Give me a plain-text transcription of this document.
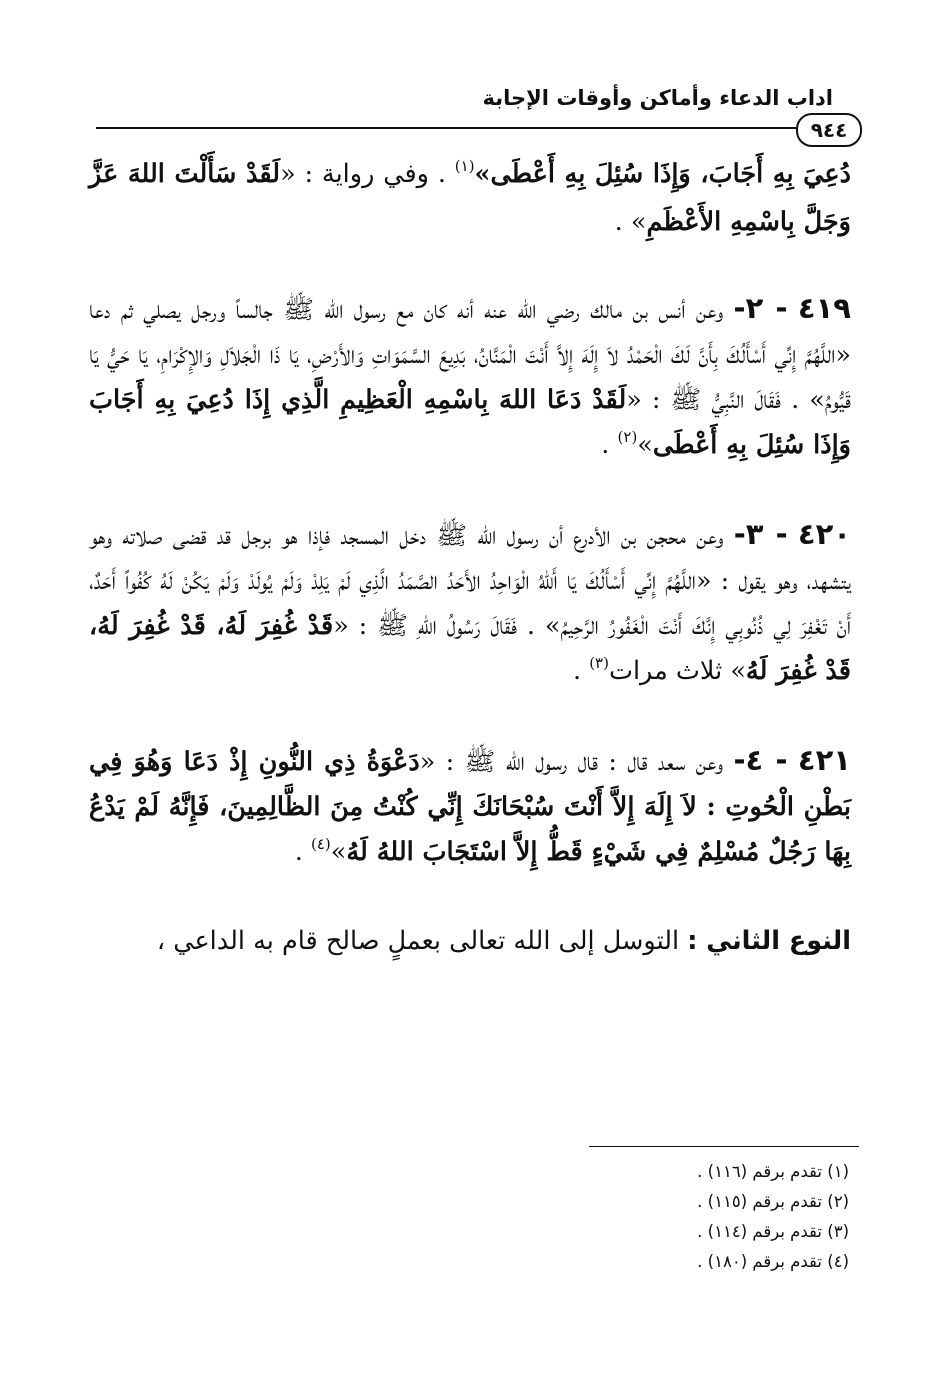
اداب الدعاء وأماكن وأوقات الإجابة
٩٤٤

دُعِيَ بِهِ أَجَابَ، وَإِذَا سُئِلَ بِهِ أَعْطَى»$^{(١)}$ . وفي رواية : «لَقَدْ سَأَلْتَ اللهَ عَزَّ وَجَلَّ بِاسْمِهِ الأَعْظَمِ» .

٤١٩ - ٢- وعن أنس بن مالك رضي الله عنه أنه كان مع رسول الله ﷺ جالساً ورجل يصلي ثم دعا «اللَّهُمَّ إِنِّي أَسْأَلُكَ بِأَنَّ لَكَ الْحَمْدُ لاَ إِلَهَ إِلاَّ أَنْتَ الْمَنَّانُ، بَدِيعَ السَّمَوَاتِ وَالأَرْضِ، يَا ذَا الْجَلاَلِ وَالإِكْرَامِ، يَا حَيُّ يَا قَيُّومُ» . فَقَالَ النَّبِيُّ ﷺ : «لَقَدْ دَعَا اللهَ بِاسْمِهِ الْعَظِيمِ الَّذِي إِذَا دُعِيَ بِهِ أَجَابَ وَإِذَا سُئِلَ بِهِ أَعْطَى»$^{(٢)}$ .

٤٢٠ - ٣- وعن محجن بن الأدرع أن رسول الله ﷺ دخل المسجد فإذا هو برجل قد قضى صلاته وهو يتشهد، وهو يقول : «اللَّهُمَّ إِنِّي أَسْأَلُكَ يَا أَللهُ الْوَاحِدُ الأَحَدُ الصَّمَدُ الَّذِي لَمْ يَلِدْ وَلَمْ يُولَدْ وَلَمْ يَكُنْ لَهُ كُفُواً أَحَدٌ، أَنْ تَغْفِرَ لِي ذُنُوبِي إِنَّكَ أَنْتَ الْغَفُورُ الرَّحِيمُ» . فَقَالَ رَسُولُ اللهِ ﷺ : «قَدْ غُفِرَ لَهُ، قَدْ غُفِرَ لَهُ، قَدْ غُفِرَ لَهُ» ثلاث مرات$^{(٣)}$ .

٤٢١ - ٤- وعن سعد قال : قال رسول الله ﷺ : «دَعْوَةُ ذِي النُّونِ إِذْ دَعَا وَهُوَ فِي بَطْنِ الْحُوتِ : لاَ إِلَهَ إِلاَّ أَنْتَ سُبْحَانَكَ إِنِّي كُنْتُ مِنَ الظَّالِمِينَ، فَإِنَّهُ لَمْ يَدْعُ بِهَا رَجُلٌ مُسْلِمٌ فِي شَيْءٍ قَطُّ إِلاَّ اسْتَجَابَ اللهُ لَهُ»$^{(٤)}$ .

النوع الثاني : التوسل إلى الله تعالى بعملٍ صالح قام به الداعي ،

(١) تقدم برقم (١١٦) .
(٢) تقدم برقم (١١٥) .
(٣) تقدم برقم (١١٤) .
(٤) تقدم برقم (١٨٠) .
